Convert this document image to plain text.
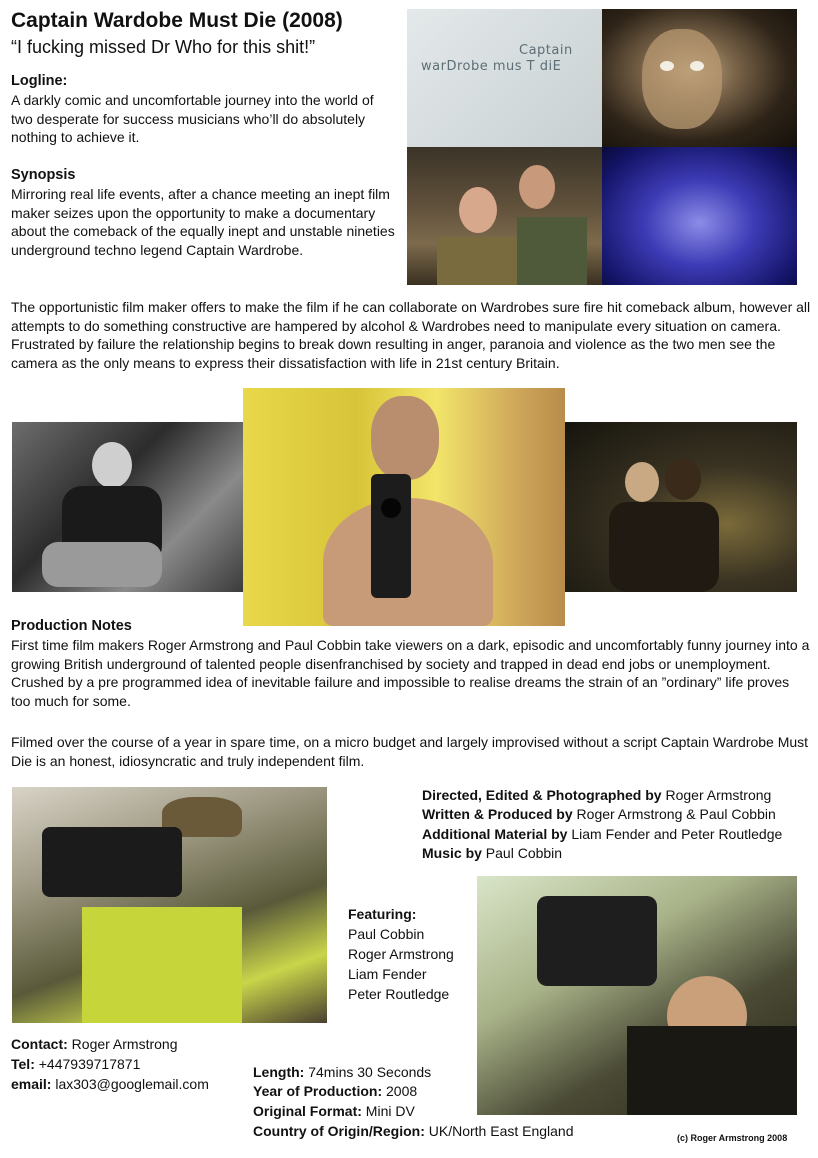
Captain Wardobe Must Die (2008)
“I fucking missed Dr Who for this shit!”
Logline:
A darkly comic and uncomfortable journey into the world of two desperate for success musicians who’ll do absolutely nothing to achieve it.
Synopsis
Mirroring real life events, after a chance meeting an inept film maker seizes upon the opportunity to make a documentary about the comeback of the equally inept and unstable nineties underground techno legend Captain Wardrobe.
Captain
warDrobe mus T diE
The opportunistic film maker offers to make the film if he can collaborate on Wardrobes sure fire hit comeback album, however all attempts to do something constructive are hampered by alcohol & Wardrobes need to manipulate every situation on camera. Frustrated by failure the relationship begins to break down resulting in anger, paranoia and violence as the two men see the camera as the only means to express their dissatisfaction with life in 21st century Britain.
Production Notes
First time film makers Roger Armstrong and Paul Cobbin take viewers on a dark, episodic and uncomfortably funny journey into a growing British underground of talented people disenfranchised by society and trapped in dead end jobs or unemployment. Crushed by a pre programmed idea of inevitable failure and impossible to realise dreams the strain of an ”ordinary” life proves too much for some.
Filmed over the course of a year in spare time, on a micro budget and largely improvised without a script Captain Wardrobe Must Die is an honest, idiosyncratic and truly independent film.
Directed, Edited & Photographed by Roger Armstrong
Written & Produced by Roger Armstrong & Paul Cobbin
Additional Material by Liam Fender and Peter Routledge
Music by Paul Cobbin
Featuring:
Paul Cobbin
Roger Armstrong
Liam Fender
Peter Routledge
Contact: Roger Armstrong
Tel: +447939717871
email: lax303@googlemail.com
Length: 74mins 30 Seconds
Year of Production: 2008
Original Format: Mini DV
Country of Origin/Region: UK/North East England	(c) Roger Armstrong 2008
